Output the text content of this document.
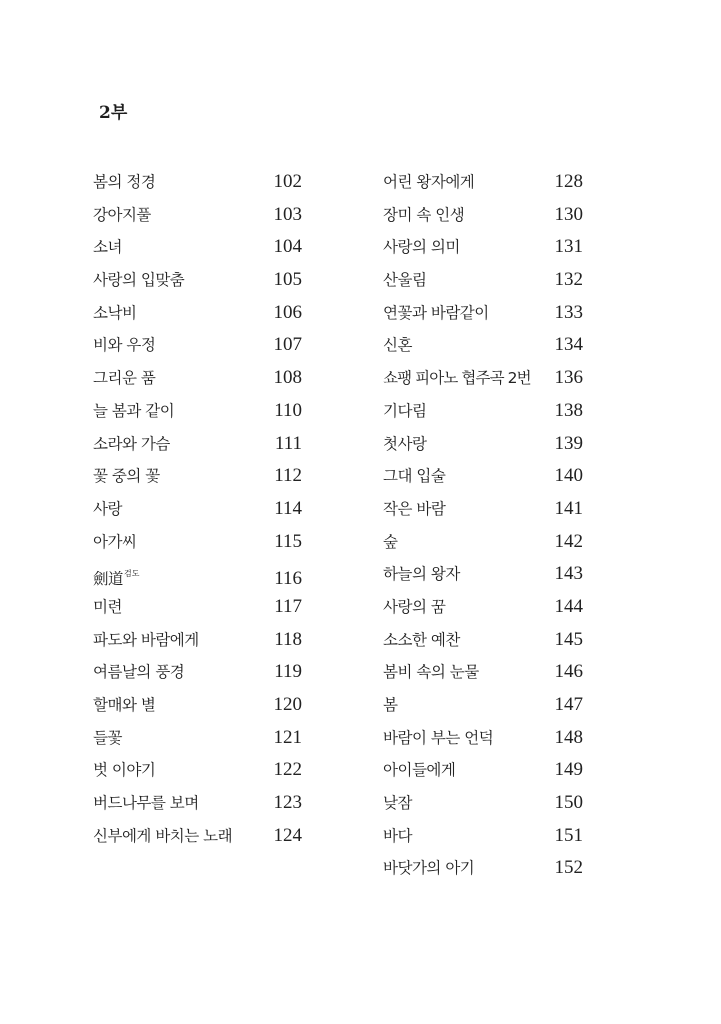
2부
봄의 정경	102
강아지풀	103
소녀	104
사랑의 입맞춤	105
소낙비	106
비와 우정	107
그리운 품	108
늘 봄과 같이	110
소라와 가슴	111
꽃 중의 꽃	112
사랑	114
아가씨	115
劍道$^{검도}$	116
미련	117
파도와 바람에게	118
여름날의 풍경	119
할매와 별	120
들꽃	121
벗 이야기	122
버드나무를 보며	123
신부에게 바치는 노래 124
어린 왕자에게	128
장미 속 인생	130
사랑의 의미	131
산울림	132
연꽃과 바람같이	133
신혼	134
쇼팽 피아노 협주곡 2번 136
기다림	138
첫사랑	139
그대 입술	140
작은 바람	141
숲	142
하늘의 왕자	143
사랑의 꿈	144
소소한 예찬	145
봄비 속의 눈물	146
봄	147
바람이 부는 언덕	148
아이들에게	149
낮잠	150
바다	151
바닷가의 아기	152
